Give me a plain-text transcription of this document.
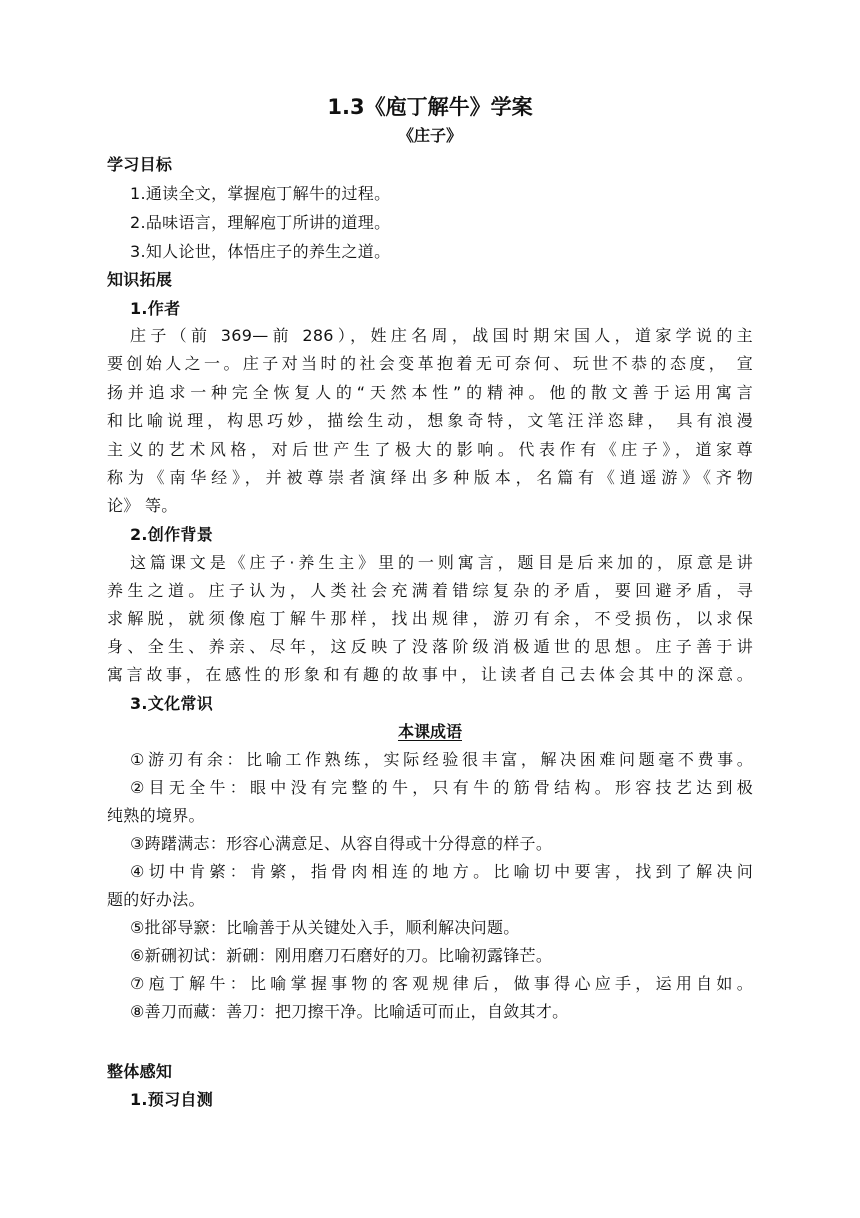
1.3《庖丁解牛》学案
《庄子》

学习目标

1.通读全文，掌握庖丁解牛的过程。

2.品味语言，理解庖丁所讲的道理。

3.知人论世，体悟庄子的养生之道。

知识拓展

1.作者

庄子（前 369—前 286），姓庄名周，战国时期宋国人，道家学说的主

要创始人之一。庄子对当时的社会变革抱着无可奈何、玩世不恭的态度， 宣

扬并追求一种完全恢复人的“天然本性”的精神。他的散文善于运用寓言

和比喻说理，构思巧妙，描绘生动，想象奇特，文笔汪洋恣肆， 具有浪漫

主义的艺术风格，对后世产生了极大的影响。代表作有《庄子》，道家尊

称为《南华经》，并被尊崇者演绎出多种版本，名篇有《逍遥游》《齐物

论》 等。

2.创作背景

这篇课文是《庄子·养生主》里的一则寓言，题目是后来加的，原意是讲

养生之道。庄子认为，人类社会充满着错综复杂的矛盾，要回避矛盾，寻

求解脱，就须像庖丁解牛那样，找出规律，游刃有余，不受损伤，以求保

身、全生、养亲、尽年，这反映了没落阶级消极遁世的思想。庄子善于讲

寓言故事，在感性的形象和有趣的故事中，让读者自己去体会其中的深意。

3.文化常识

本课成语

①游刃有余：比喻工作熟练，实际经验很丰富，解决困难问题毫不费事。

②目无全牛：眼中没有完整的牛，只有牛的筋骨结构。形容技艺达到极

纯熟的境界。

③踌躇满志：形容心满意足、从容自得或十分得意的样子。

④切中肯綮：肯綮，指骨肉相连的地方。比喻切中要害，找到了解决问

题的好办法。

⑤批郤导窾：比喻善于从关键处入手，顺利解决问题。

⑥新硎初试：新硎：刚用磨刀石磨好的刀。比喻初露锋芒。

⑦庖丁解牛：比喻掌握事物的客观规律后，做事得心应手，运用自如。

⑧善刀而藏：善刀：把刀擦干净。比喻适可而止，自敛其才。

整体感知

1.预习自测
